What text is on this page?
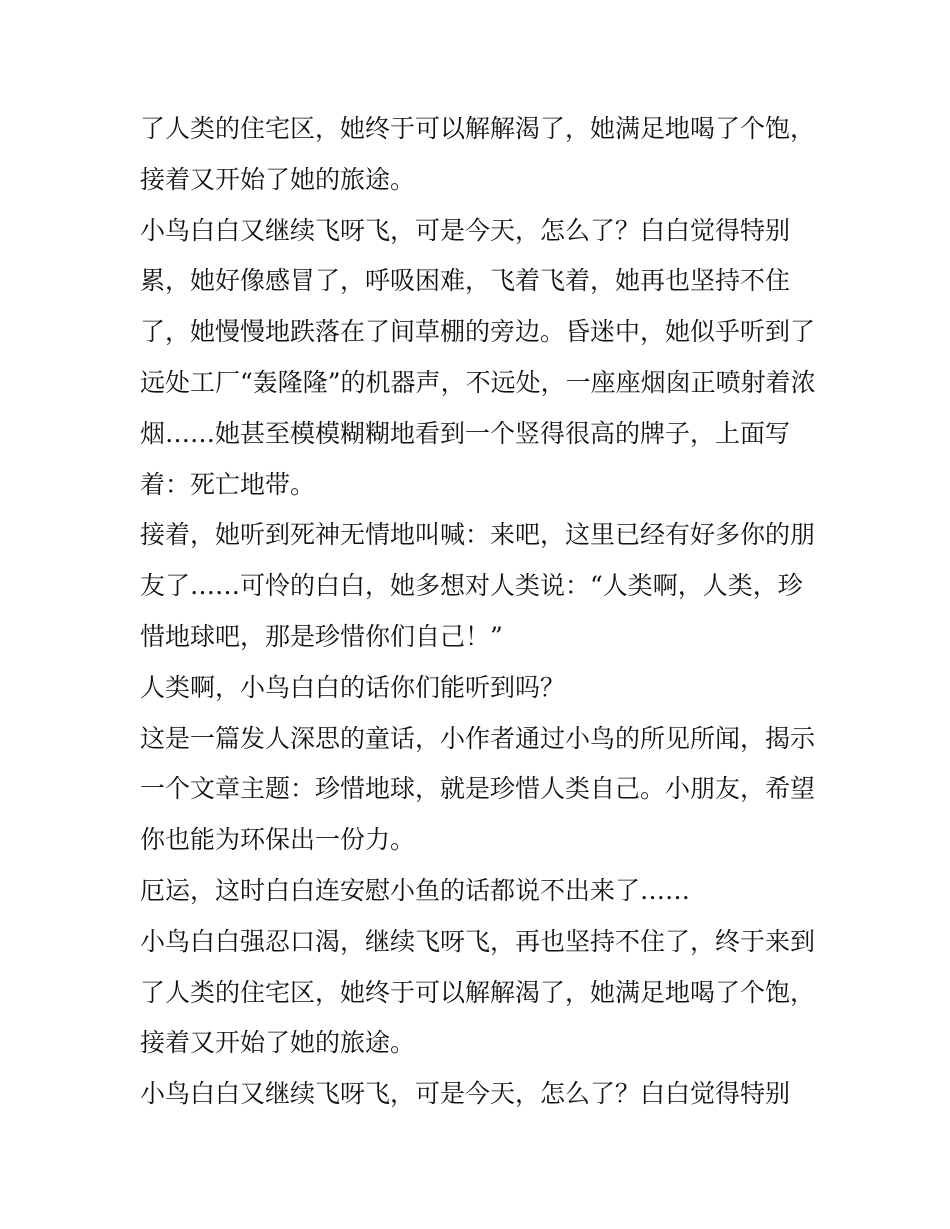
了人类的住宅区，她终于可以解解渴了，她满足地喝了个饱，
接着又开始了她的旅途。
小鸟白白又继续飞呀飞，可是今天，怎么了？白白觉得特别
累，她好像感冒了，呼吸困难，飞着飞着，她再也坚持不住
了，她慢慢地跌落在了间草棚的旁边。昏迷中，她似乎听到了
远处工厂“轰隆隆”的机器声，不远处，一座座烟囱正喷射着浓
烟……她甚至模模糊糊地看到一个竖得很高的牌子，上面写
着：死亡地带。
接着，她听到死神无情地叫喊：来吧，这里已经有好多你的朋
友了……可怜的白白，她多想对人类说：“人类啊，人类，珍
惜地球吧，那是珍惜你们自己！”
人类啊，小鸟白白的话你们能听到吗？
这是一篇发人深思的童话，小作者通过小鸟的所见所闻，揭示
一个文章主题：珍惜地球，就是珍惜人类自己。小朋友，希望
你也能为环保出一份力。
厄运，这时白白连安慰小鱼的话都说不出来了……
小鸟白白强忍口渴，继续飞呀飞，再也坚持不住了，终于来到
了人类的住宅区，她终于可以解解渴了，她满足地喝了个饱，
接着又开始了她的旅途。
小鸟白白又继续飞呀飞，可是今天，怎么了？白白觉得特别
